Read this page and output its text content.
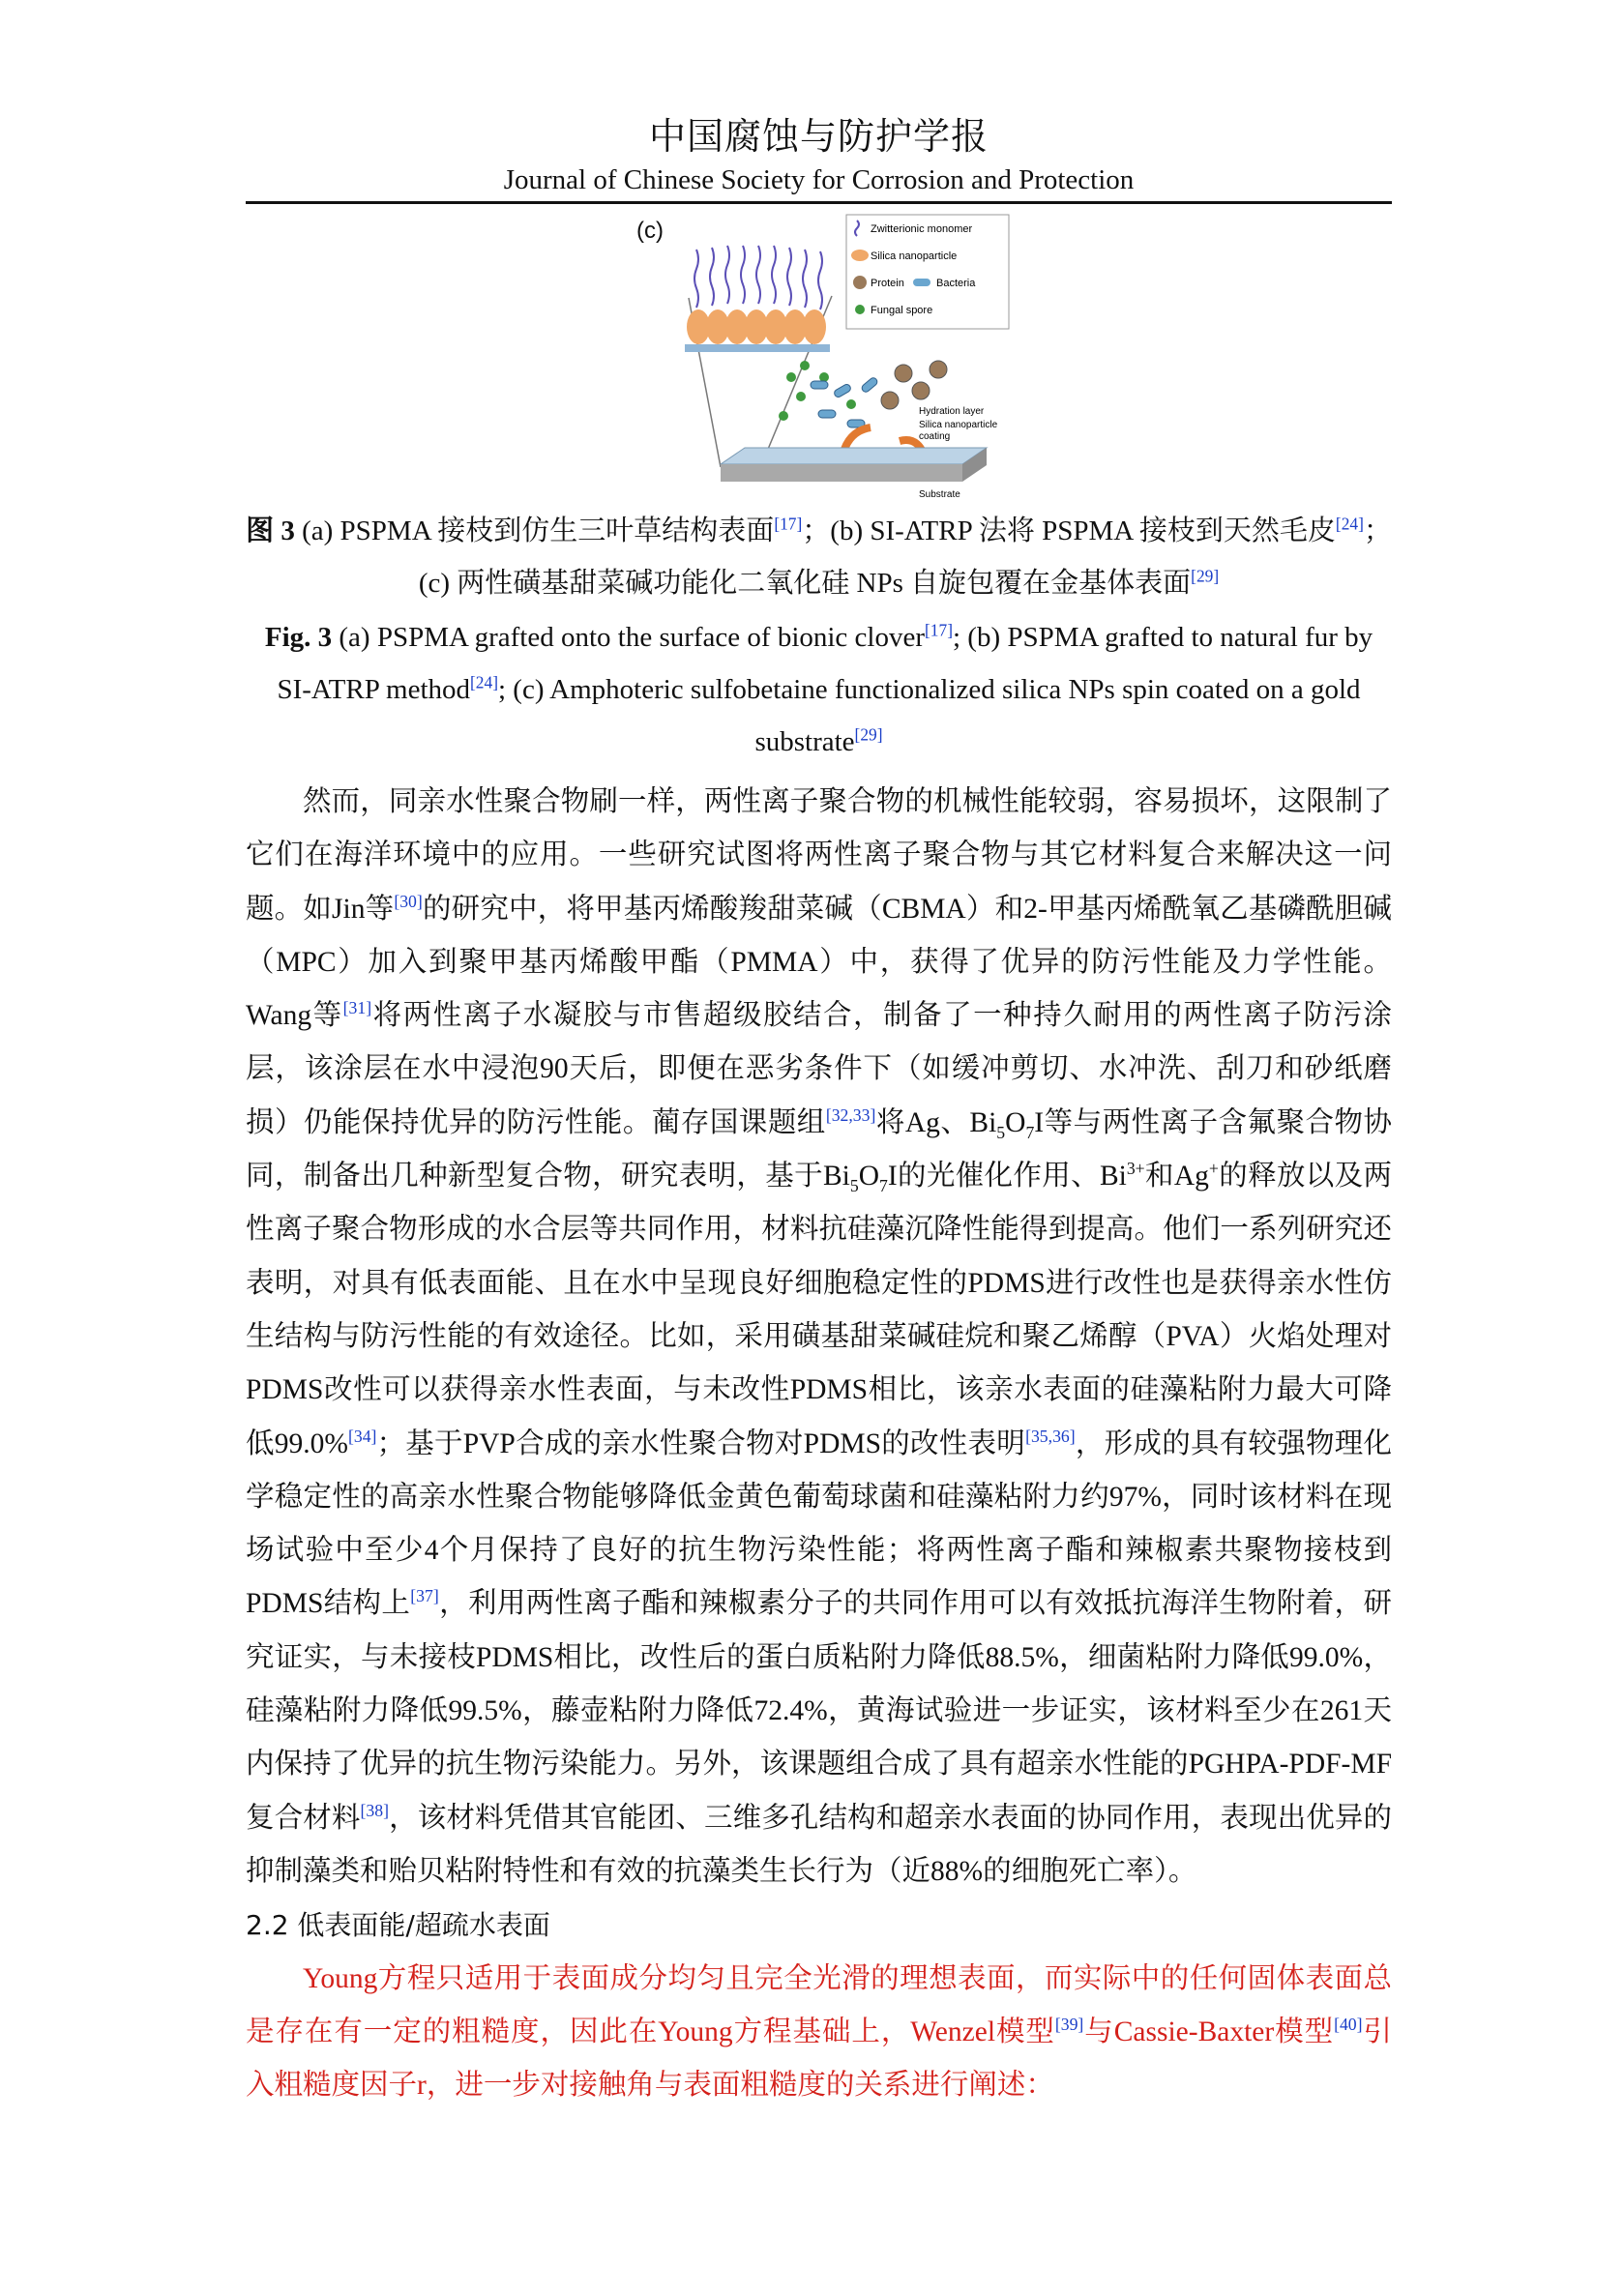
中国腐蚀与防护学报
Journal of Chinese Society for Corrosion and Protection
(c)	Zwitterionic monomer
Silica nanoparticle
Protein	Bacteria
Fungal spore
Hydration layer
Silica nanoparticle
coating
Substrate
图 3 (a) PSPMA 接枝到仿生三叶草结构表面[17]；(b) SI-ATRP 法将 PSPMA 接枝到天然毛皮[24]；(c) 两性磺基甜菜碱功能化二氧化硅 NPs 自旋包覆在金基体表面[29]
Fig. 3 (a) PSPMA grafted onto the surface of bionic clover[17]; (b) PSPMA grafted to natural fur by SI-ATRP method[24]; (c) Amphoteric sulfobetaine functionalized silica NPs spin coated on a gold substrate[29]

然而，同亲水性聚合物刷一样，两性离子聚合物的机械性能较弱，容易损坏，这限制了它们在海洋环境中的应用。一些研究试图将两性离子聚合物与其它材料复合来解决这一问题。如Jin等[30]的研究中，将甲基丙烯酸羧甜菜碱（CBMA）和2-甲基丙烯酰氧乙基磷酰胆碱（MPC）加入到聚甲基丙烯酸甲酯（PMMA）中，获得了优异的防污性能及力学性能。Wang等[31]将两性离子水凝胶与市售超级胶结合，制备了一种持久耐用的两性离子防污涂层，该涂层在水中浸泡90天后，即便在恶劣条件下（如缓冲剪切、水冲洗、刮刀和砂纸磨损）仍能保持优异的防污性能。蔺存国课题组[32,33]将Ag、$Bi_5O_7I$等与两性离子含氟聚合物协同，制备出几种新型复合物，研究表明，基于$Bi_5O_7I$的光催化作用、$Bi^{3+}$和Ag+的释放以及两性离子聚合物形成的水合层等共同作用，材料抗硅藻沉降性能得到提高。他们一系列研究还表明，对具有低表面能、且在水中呈现良好细胞稳定性的PDMS进行改性也是获得亲水性仿生结构与防污性能的有效途径。比如，采用磺基甜菜碱硅烷和聚乙烯醇（PVA）火焰处理对PDMS改性可以获得亲水性表面，与未改性PDMS相比，该亲水表面的硅藻粘附力最大可降低99.0%[34]；基于PVP合成的亲水性聚合物对PDMS的改性表明[35,36]，形成的具有较强物理化学稳定性的高亲水性聚合物能够降低金黄色葡萄球菌和硅藻粘附力约97%，同时该材料在现场试验中至少4个月保持了良好的抗生物污染性能；将两性离子酯和辣椒素共聚物接枝到PDMS结构上[37]，利用两性离子酯和辣椒素分子的共同作用可以有效抵抗海洋生物附着，研究证实，与未接枝PDMS相比，改性后的蛋白质粘附力降低88.5%，细菌粘附力降低99.0%，硅藻粘附力降低99.5%，藤壶粘附力降低72.4%，黄海试验进一步证实，该材料至少在261天内保持了优异的抗生物污染能力。另外，该课题组合成了具有超亲水性能的PGHPA-PDF-MF复合材料[38]，该材料凭借其官能团、三维多孔结构和超亲水表面的协同作用，表现出优异的抑制藻类和贻贝粘附特性和有效的抗藻类生长行为（近88%的细胞死亡率）。

2.2 低表面能/超疏水表面

Young方程只适用于表面成分均匀且完全光滑的理想表面，而实际中的任何固体表面总是存在有一定的粗糙度，因此在Young方程基础上，Wenzel模型[39]与Cassie-Baxter模型[40]引入粗糙度因子r，进一步对接触角与表面粗糙度的关系进行阐述：
